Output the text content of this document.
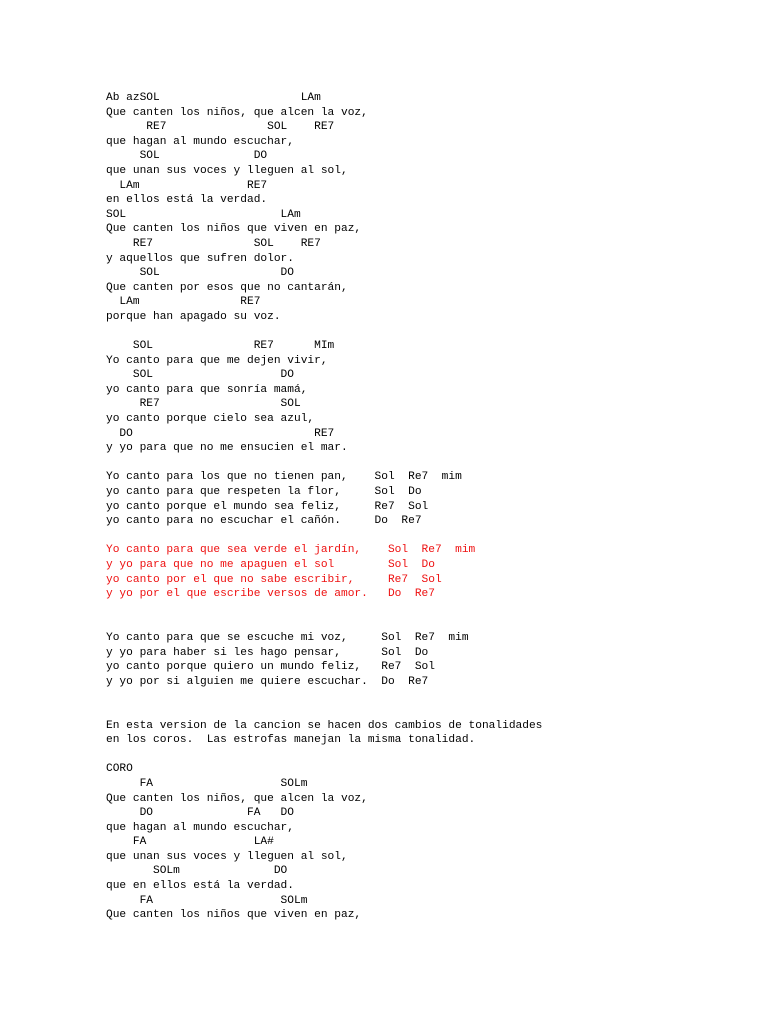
Ab azSOL                     LAm
Que canten los niños, que alcen la voz,
RE7               SOL    RE7
que hagan al mundo escuchar,
SOL              DO
que unan sus voces y lleguen al sol,
LAm                RE7
en ellos está la verdad.
SOL                       LAm
Que canten los niños que viven en paz,
RE7               SOL    RE7
y aquellos que sufren dolor.
SOL                  DO
Que canten por esos que no cantarán,
LAm               RE7
porque han apagado su voz.
SOL               RE7      MIm
Yo canto para que me dejen vivir,
SOL                   DO
yo canto para que sonría mamá,
RE7                  SOL
yo canto porque cielo sea azul,
DO                           RE7
y yo para que no me ensucien el mar.
Yo canto para los que no tienen pan,    Sol  Re7  mim
yo canto para que respeten la flor,     Sol  Do
yo canto porque el mundo sea feliz,     Re7  Sol
yo canto para no escuchar el cañón.     Do  Re7
Yo canto para que sea verde el jardín,    Sol  Re7  mim
y yo para que no me apaguen el sol        Sol  Do
yo canto por el que no sabe escribir,     Re7  Sol
y yo por el que escribe versos de amor.   Do  Re7
Yo canto para que se escuche mi voz,     Sol  Re7  mim
y yo para haber si les hago pensar,      Sol  Do
yo canto porque quiero un mundo feliz,   Re7  Sol
y yo por si alguien me quiere escuchar.  Do  Re7
En esta version de la cancion se hacen dos cambios de tonalidades
en los coros.  Las estrofas manejan la misma tonalidad.
CORO
FA                   SOLm
Que canten los niños, que alcen la voz,
DO              FA   DO
que hagan al mundo escuchar,
FA                LA#
que unan sus voces y lleguen al sol,
SOLm              DO
que en ellos está la verdad.
FA                   SOLm
Que canten los niños que viven en paz,
